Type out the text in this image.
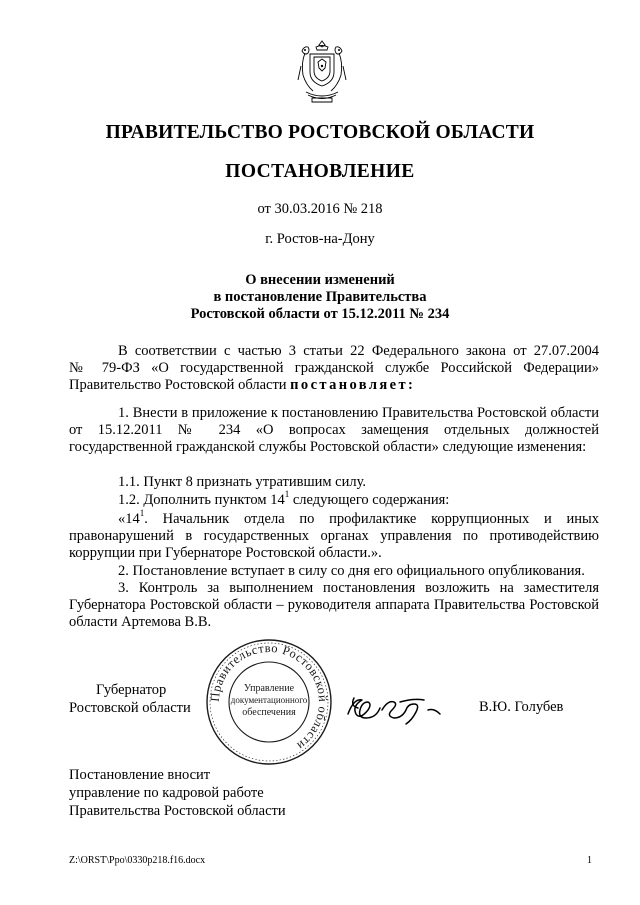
ПРАВИТЕЛЬСТВО РОСТОВСКОЙ ОБЛАСТИ
ПОСТАНОВЛЕНИЕ
от 30.03.2016 № 218
г. Ростов-на-Дону
О внесении изменений
в постановление Правительства
Ростовской области от 15.12.2011 № 234
В соответствии с частью 3 статьи 22 Федерального закона от 27.07.2004
№ 79-ФЗ «О государственной гражданской службе Российской Федерации»
Правительство Ростовской области постановляет:
1. Внести в приложение к постановлению Правительства Ростовской области от 15.12.2011 № 234 «О вопросах замещения отдельных должностей государственной гражданской службы Ростовской области» следующие изменения:
1.1. Пункт 8 признать утратившим силу.
1.2. Дополнить пунктом $14^1$ следующего содержания:
«$14^1$. Начальник отдела по профилактике коррупционных и иных правонарушений в государственных органах управления по противодействию коррупции при Губернаторе Ростовской области.».
2. Постановление вступает в силу со дня его официального опубликования.
3. Контроль за выполнением постановления возложить на заместителя Губернатора Ростовской области – руководителя аппарата Правительства Ростовской области Артемова В.В.
Губернатор
Ростовской области
Правительство Ростовской области
Управление
документационного
обеспечения	В.Ю. Голубев
Постановление вносит
управление по кадровой работе
Правительства Ростовской области
Z:\ORST\Ppo\0330p218.f16.docx	1
